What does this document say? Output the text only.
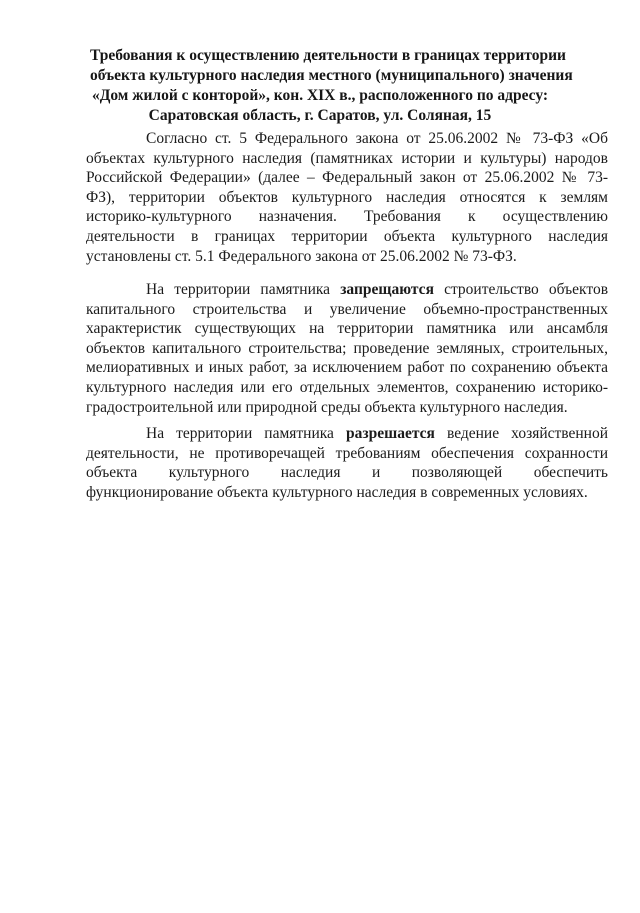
Требования к осуществлению деятельности в границах территории
объекта культурного наследия местного (муниципального) значения
«Дом жилой с конторой», кон. XIX в., расположенного по адресу:
Саратовская область, г. Саратов, ул. Соляная, 15
Согласно ст. 5 Федерального закона от 25.06.2002 № 73-ФЗ «Об
объектах культурного наследия (памятниках истории и культуры) народов
Российской Федерации» (далее – Федеральный закон от 25.06.2002 № 73-
ФЗ), территории объектов культурного наследия относятся к землям
историко-культурного назначения. Требования к осуществлению
деятельности в границах территории объекта культурного наследия
установлены ст. 5.1 Федерального закона от 25.06.2002 № 73-ФЗ.
На территории памятника запрещаются строительство объектов
капитального строительства и увеличение объемно-пространственных
характеристик существующих на территории памятника или ансамбля
объектов капитального строительства; проведение земляных, строительных,
мелиоративных и иных работ, за исключением работ по сохранению объекта
культурного наследия или его отдельных элементов, сохранению историко-
градостроительной или природной среды объекта культурного наследия.
На территории памятника разрешается ведение хозяйственной
деятельности, не противоречащей требованиям обеспечения сохранности
объекта культурного наследия и позволяющей обеспечить
функционирование объекта культурного наследия в современных условиях.
